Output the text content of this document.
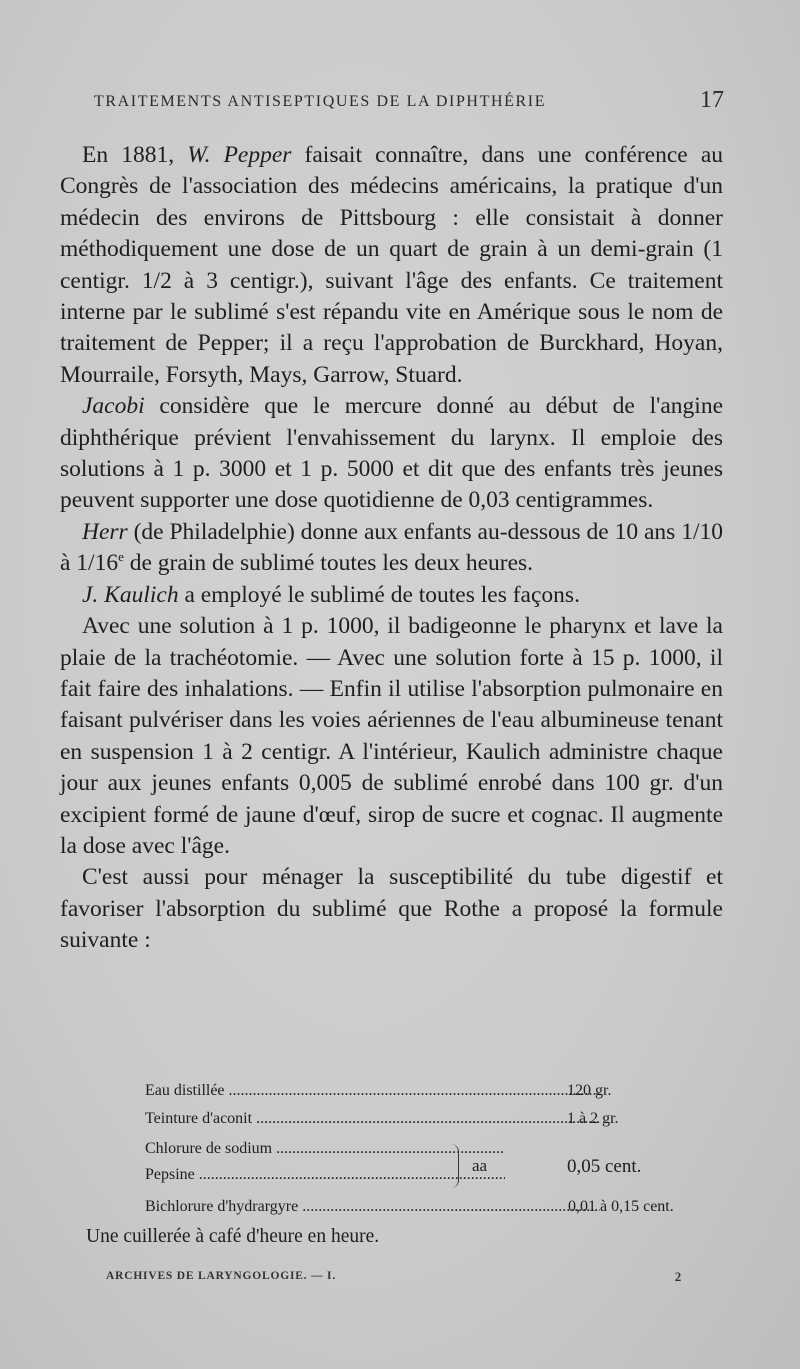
TRAITEMENTS ANTISEPTIQUES DE LA DIPHTHÉRIE	17

En 1881, W. Pepper faisait connaître, dans une conférence au Congrès de l'association des médecins américains, la pratique d'un médecin des environs de Pittsbourg : elle consistait à donner méthodiquement une dose de un quart de grain à un demi-grain (1 centigr. 1/2 à 3 centigr.), suivant l'âge des enfants. Ce traitement interne par le sublimé s'est répandu vite en Amérique sous le nom de traitement de Pepper; il a reçu l'approbation de Burckhard, Hoyan, Mourraile, Forsyth, Mays, Garrow, Stuard.

Jacobi considère que le mercure donné au début de l'angine diphthérique prévient l'envahissement du larynx. Il emploie des solutions à 1 p. 3000 et 1 p. 5000 et dit que des enfants très jeunes peuvent supporter une dose quotidienne de 0,03 centigrammes.

Herr (de Philadelphie) donne aux enfants au-dessous de 10 ans 1/10 à 1/16e de grain de sublimé toutes les deux heures.

J. Kaulich a employé le sublimé de toutes les façons.

Avec une solution à 1 p. 1000, il badigeonne le pharynx et lave la plaie de la trachéotomie. — Avec une solution forte à 15 p. 1000, il fait faire des inhalations. — Enfin il utilise l'absorption pulmonaire en faisant pulvériser dans les voies aériennes de l'eau albumineuse tenant en suspension 1 à 2 centigr. A l'intérieur, Kaulich administre chaque jour aux jeunes enfants 0,005 de sublimé enrobé dans 100 gr. d'un excipient formé de jaune d'œuf, sirop de sucre et cognac. Il augmente la dose avec l'âge.

C'est aussi pour ménager la susceptibilité du tube digestif et favoriser l'absorption du sublimé que Rothe a proposé la formule suivante :

Eau distillée .....	120 gr.
Teinture d'aconit .....	1 à 2 gr.
Chlorure de sodium .....
Pepsine .....	aa	0,05 cent.
Bichlorure d'hydrargyre .....	0,01 à 0,15 cent.
Une cuillerée à café d'heure en heure.
ARCHIVES DE LARYNGOLOGIE. — I.	2
